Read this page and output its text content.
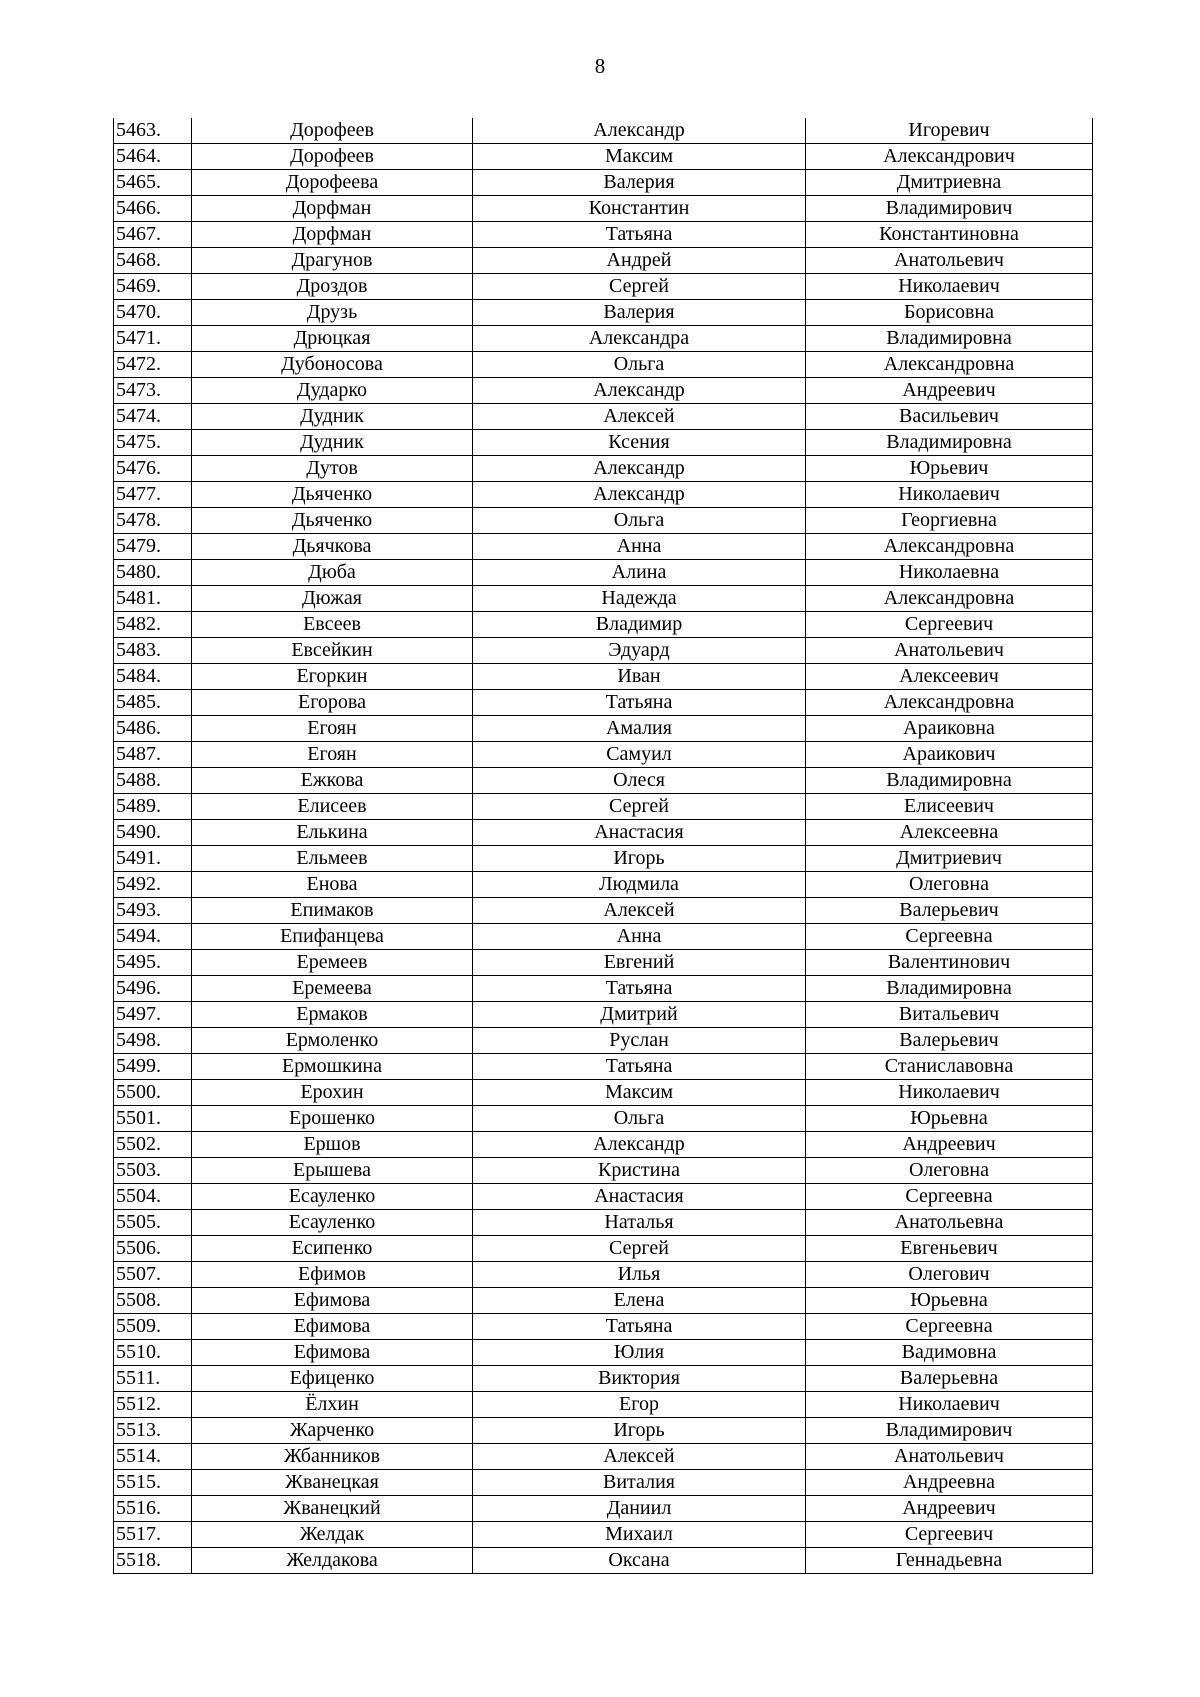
8
5463.	Дорофеев	Александр	Игоревич
5464.	Дорофеев	Максим	Александрович
5465.	Дорофеева	Валерия	Дмитриевна
5466.	Дорфман	Константин	Владимирович
5467.	Дорфман	Татьяна	Константиновна
5468.	Драгунов	Андрей	Анатольевич
5469.	Дроздов	Сергей	Николаевич
5470.	Друзь	Валерия	Борисовна
5471.	Дрюцкая	Александра	Владимировна
5472.	Дубоносова	Ольга	Александровна
5473.	Дударко	Александр	Андреевич
5474.	Дудник	Алексей	Васильевич
5475.	Дудник	Ксения	Владимировна
5476.	Дутов	Александр	Юрьевич
5477.	Дьяченко	Александр	Николаевич
5478.	Дьяченко	Ольга	Георгиевна
5479.	Дьячкова	Анна	Александровна
5480.	Дюба	Алина	Николаевна
5481.	Дюжая	Надежда	Александровна
5482.	Евсеев	Владимир	Сергеевич
5483.	Евсейкин	Эдуард	Анатольевич
5484.	Егоркин	Иван	Алексеевич
5485.	Егорова	Татьяна	Александровна
5486.	Егоян	Амалия	Араиковна
5487.	Егоян	Самуил	Араикович
5488.	Ежкова	Олеся	Владимировна
5489.	Елисеев	Сергей	Елисеевич
5490.	Елькина	Анастасия	Алексеевна
5491.	Ельмеев	Игорь	Дмитриевич
5492.	Енова	Людмила	Олеговна
5493.	Епимаков	Алексей	Валерьевич
5494.	Епифанцева	Анна	Сергеевна
5495.	Еремеев	Евгений	Валентинович
5496.	Еремеева	Татьяна	Владимировна
5497.	Ермаков	Дмитрий	Витальевич
5498.	Ермоленко	Руслан	Валерьевич
5499.	Ермошкина	Татьяна	Станиславовна
5500.	Ерохин	Максим	Николаевич
5501.	Ерошенко	Ольга	Юрьевна
5502.	Ершов	Александр	Андреевич
5503.	Ерышева	Кристина	Олеговна
5504.	Есауленко	Анастасия	Сергеевна
5505.	Есауленко	Наталья	Анатольевна
5506.	Есипенко	Сергей	Евгеньевич
5507.	Ефимов	Илья	Олегович
5508.	Ефимова	Елена	Юрьевна
5509.	Ефимова	Татьяна	Сергеевна
5510.	Ефимова	Юлия	Вадимовна
5511.	Ефиценко	Виктория	Валерьевна
5512.	Ёлхин	Егор	Николаевич
5513.	Жарченко	Игорь	Владимирович
5514.	Жбанников	Алексей	Анатольевич
5515.	Жванецкая	Виталия	Андреевна
5516.	Жванецкий	Даниил	Андреевич
5517.	Желдак	Михаил	Сергеевич
5518.	Желдакова	Оксана	Геннадьевна
